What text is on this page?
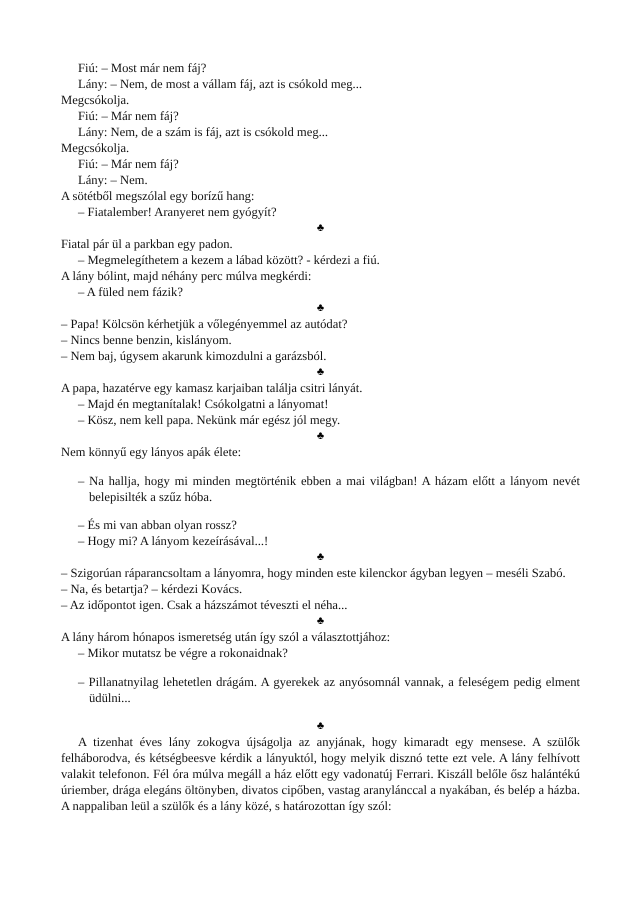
Fiú: – Most már nem fáj?

Lány: – Nem, de most a vállam fáj, azt is csókold meg...

Megcsókolja.

Fiú: – Már nem fáj?

Lány: Nem, de a szám is fáj, azt is csókold meg...

Megcsókolja.

Fiú: – Már nem fáj?

Lány: – Nem.

A sötétből megszólal egy borízű hang:

– Fiatalember! Aranyeret nem gyógyít?

♣

Fiatal pár ül a parkban egy padon.

– Megmelegíthetem a kezem a lábad között? - kérdezi a fiú.

A lány bólint, majd néhány perc múlva megkérdi:

– A füled nem fázik?

♣

– Papa! Kölcsön kérhetjük a vőlegényemmel az autódat?

– Nincs benne benzin, kislányom.

– Nem baj, úgysem akarunk kimozdulni a garázsból.

♣

A papa, hazatérve egy kamasz karjaiban találja csitri lányát.

– Majd én megtanítalak! Csókolgatni a lányomat!

– Kösz, nem kell papa. Nekünk már egész jól megy.

♣

Nem könnyű egy lányos apák élete:

– Na hallja, hogy mi minden megtörténik ebben a mai világban! A házam előtt a lányom nevét belepisilték a szűz hóba.

– És mi van abban olyan rossz?

– Hogy mi? A lányom kezeírásával...!

♣

– Szigorúan ráparancsoltam a lányomra, hogy minden este kilenckor ágyban legyen – meséli Szabó.

– Na, és betartja? – kérdezi Kovács.

– Az időpontot igen. Csak a házszámot téveszti el néha...

♣

A lány három hónapos ismeretség után így szól a választottjához:

– Mikor mutatsz be végre a rokonaidnak?

– Pillanatnyilag lehetetlen drágám. A gyerekek az anyósomnál vannak, a feleségem pedig elment üdülni...

♣

A tizenhat éves lány zokogva újságolja az anyjának, hogy kimaradt egy mensese. A szülők felháborodva, és kétségbeesve kérdik a lányuktól, hogy melyik disznó tette ezt vele. A lány felhívott valakit telefonon. Fél óra múlva megáll a ház előtt egy vadonatúj Ferrari. Kiszáll belőle ősz halántékú úriember, drága elegáns öltönyben, divatos cipőben, vastag aranylánccal a nyakában, és belép a házba. A nappaliban leül a szülők és a lány közé, s határozottan így szól:
